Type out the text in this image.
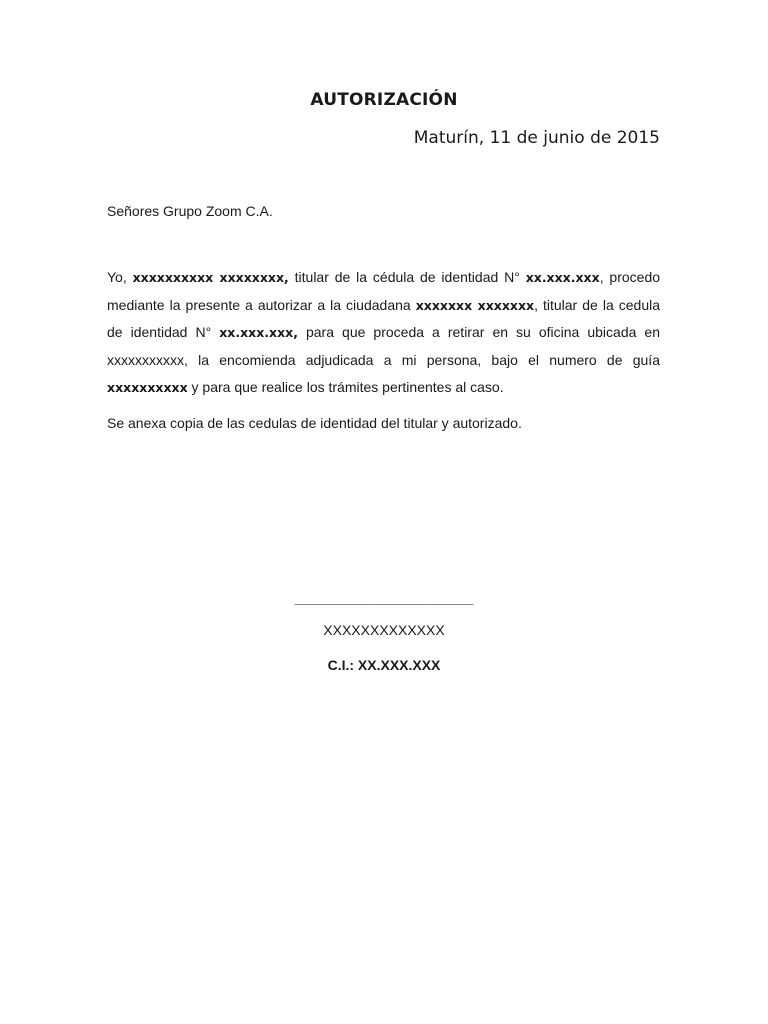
AUTORIZACIÓN
Maturín, 11 de junio de 2015
Señores Grupo Zoom C.A.
Yo, xxxxxxxxxx xxxxxxxx, titular de la cédula de identidad N° xx.xxx.xxx, procedo mediante la presente a autorizar a la ciudadana xxxxxxx xxxxxxx, titular de la cedula de identidad N° xx.xxx.xxx, para que proceda a retirar en su oficina ubicada en xxxxxxxxxxx, la encomienda adjudicada a mi persona, bajo el numero de guía xxxxxxxxxx y para que realice los trámites pertinentes al caso.
Se anexa copia de las cedulas de identidad del titular y autorizado.
_______________________
XXXXXXXXXXXXX
C.I.: XX.XXX.XXX
